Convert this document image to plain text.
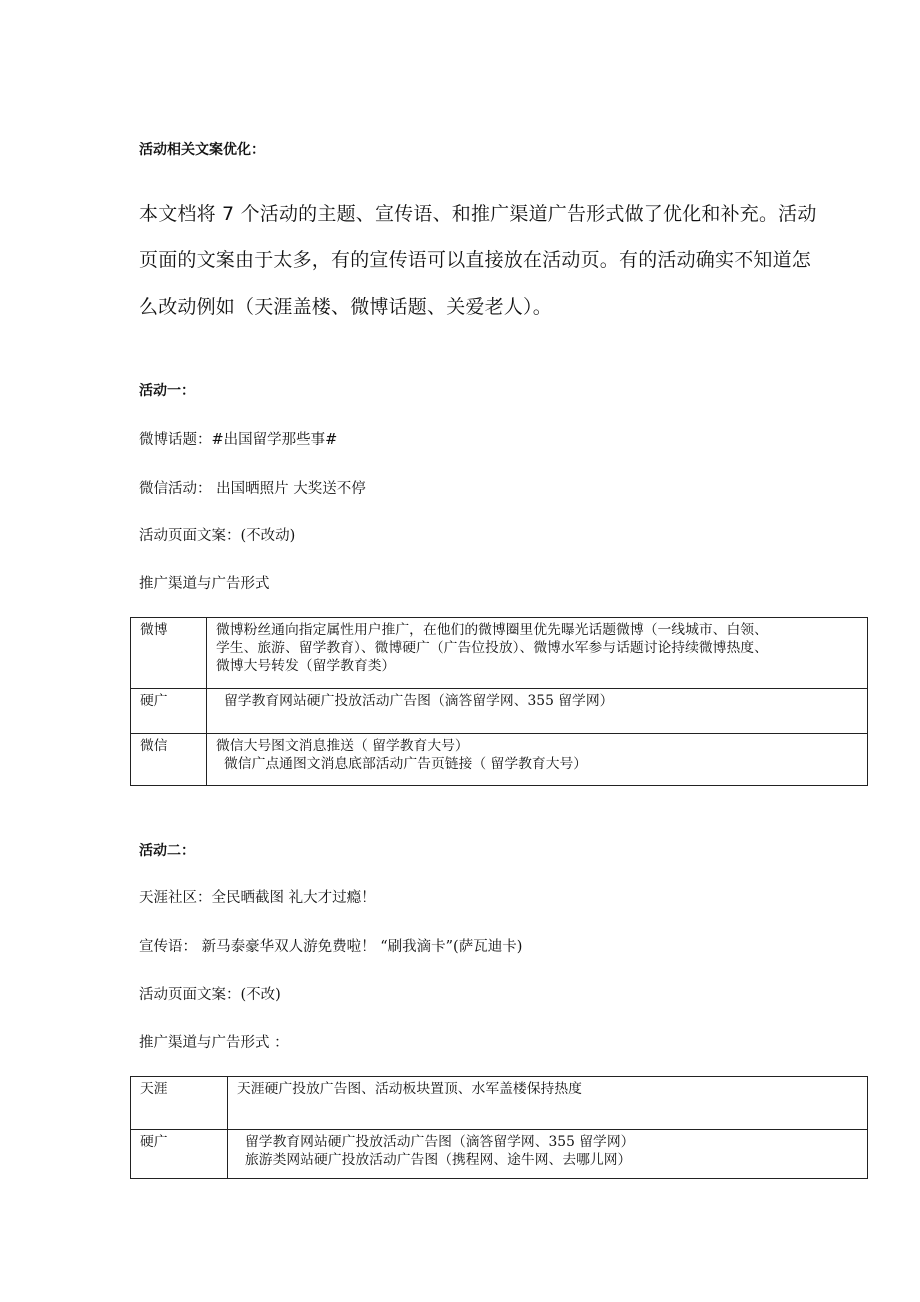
活动相关文案优化：
本文档将 7 个活动的主题、宣传语、和推广渠道广告形式做了优化和补充。活动
页面的文案由于太多，有的宣传语可以直接放在活动页。有的活动确实不知道怎
么改动例如（天涯盖楼、微博话题、关爱老人）。
活动一：
微博话题：#出国留学那些事#
微信活动： 出国晒照片 大奖送不停
活动页面文案：(不改动)
推广渠道与广告形式
微博	微博粉丝通向指定属性用户推广，在他们的微博圈里优先曝光话题微博（一线城市、白领、
学生、旅游、留学教育）、微博硬广（广告位投放）、微博水军参与话题讨论持续微博热度、
微博大号转发（留学教育类）

硬广	留学教育网站硬广投放活动广告图（滴答留学网、355 留学网）

微信	微信大号图文消息推送（ 留学教育大号）
微信广点通图文消息底部活动广告页链接（ 留学教育大号）
活动二：
天涯社区：全民晒截图 礼大才过瘾！
宣传语： 新马泰豪华双人游免费啦！ “刷我滴卡”(萨瓦迪卡)
活动页面文案：(不改)
推广渠道与广告形式 ：
天涯	天涯硬广投放广告图、活动板块置顶、水军盖楼保持热度

硬广	留学教育网站硬广投放活动广告图（滴答留学网、355 留学网）
旅游类网站硬广投放活动广告图（携程网、途牛网、去哪儿网）
